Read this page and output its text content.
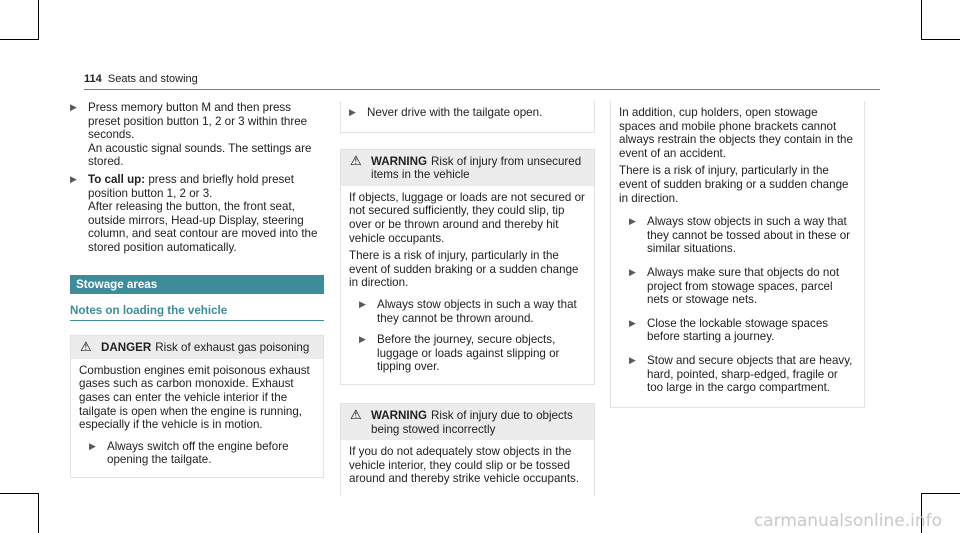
114 Seats and stowing
▶ Press memory button M and then press preset position button 1, 2 or 3 within three seconds.

An acoustic signal sounds. The settings are stored.

▶ To call up: press and briefly hold preset position button 1, 2 or 3.

After releasing the button, the front seat, outside mirrors, Head-up Display, steering column, and seat contour are moved into the stored position automatically.

Stowage areas
Notes on loading the vehicle
⚠ DANGER Risk of exhaust gas poisoning

Combustion engines emit poisonous exhaust gases such as carbon monoxide. Exhaust gases can enter the vehicle interior if the tailgate is open when the engine is running, especially if the vehicle is in motion.

▶ Always switch off the engine before opening the tailgate.

▶ Never drive with the tailgate open.

⚠ WARNING Risk of injury from unsecured items in the vehicle

If objects, luggage or loads are not secured or not secured sufficiently, they could slip, tip over or be thrown around and thereby hit vehicle occupants.

There is a risk of injury, particularly in the event of sudden braking or a sudden change in direction.

▶ Always stow objects in such a way that they cannot be thrown around.

▶ Before the journey, secure objects, luggage or loads against slipping or tipping over.

⚠ WARNING Risk of injury due to objects being stowed incorrectly

If you do not adequately stow objects in the vehicle interior, they could slip or be tossed around and thereby strike vehicle occupants.

In addition, cup holders, open stowage spaces and mobile phone brackets cannot always restrain the objects they contain in the event of an accident.

There is a risk of injury, particularly in the event of sudden braking or a sudden change in direction.

▶ Always stow objects in such a way that they cannot be tossed about in these or similar situations.

▶ Always make sure that objects do not project from stowage spaces, parcel nets or stowage nets.

▶ Close the lockable stowage spaces before starting a journey.

▶ Stow and secure objects that are heavy, hard, pointed, sharp-edged, fragile or too large in the cargo compartment.

carmanualsonline.info
